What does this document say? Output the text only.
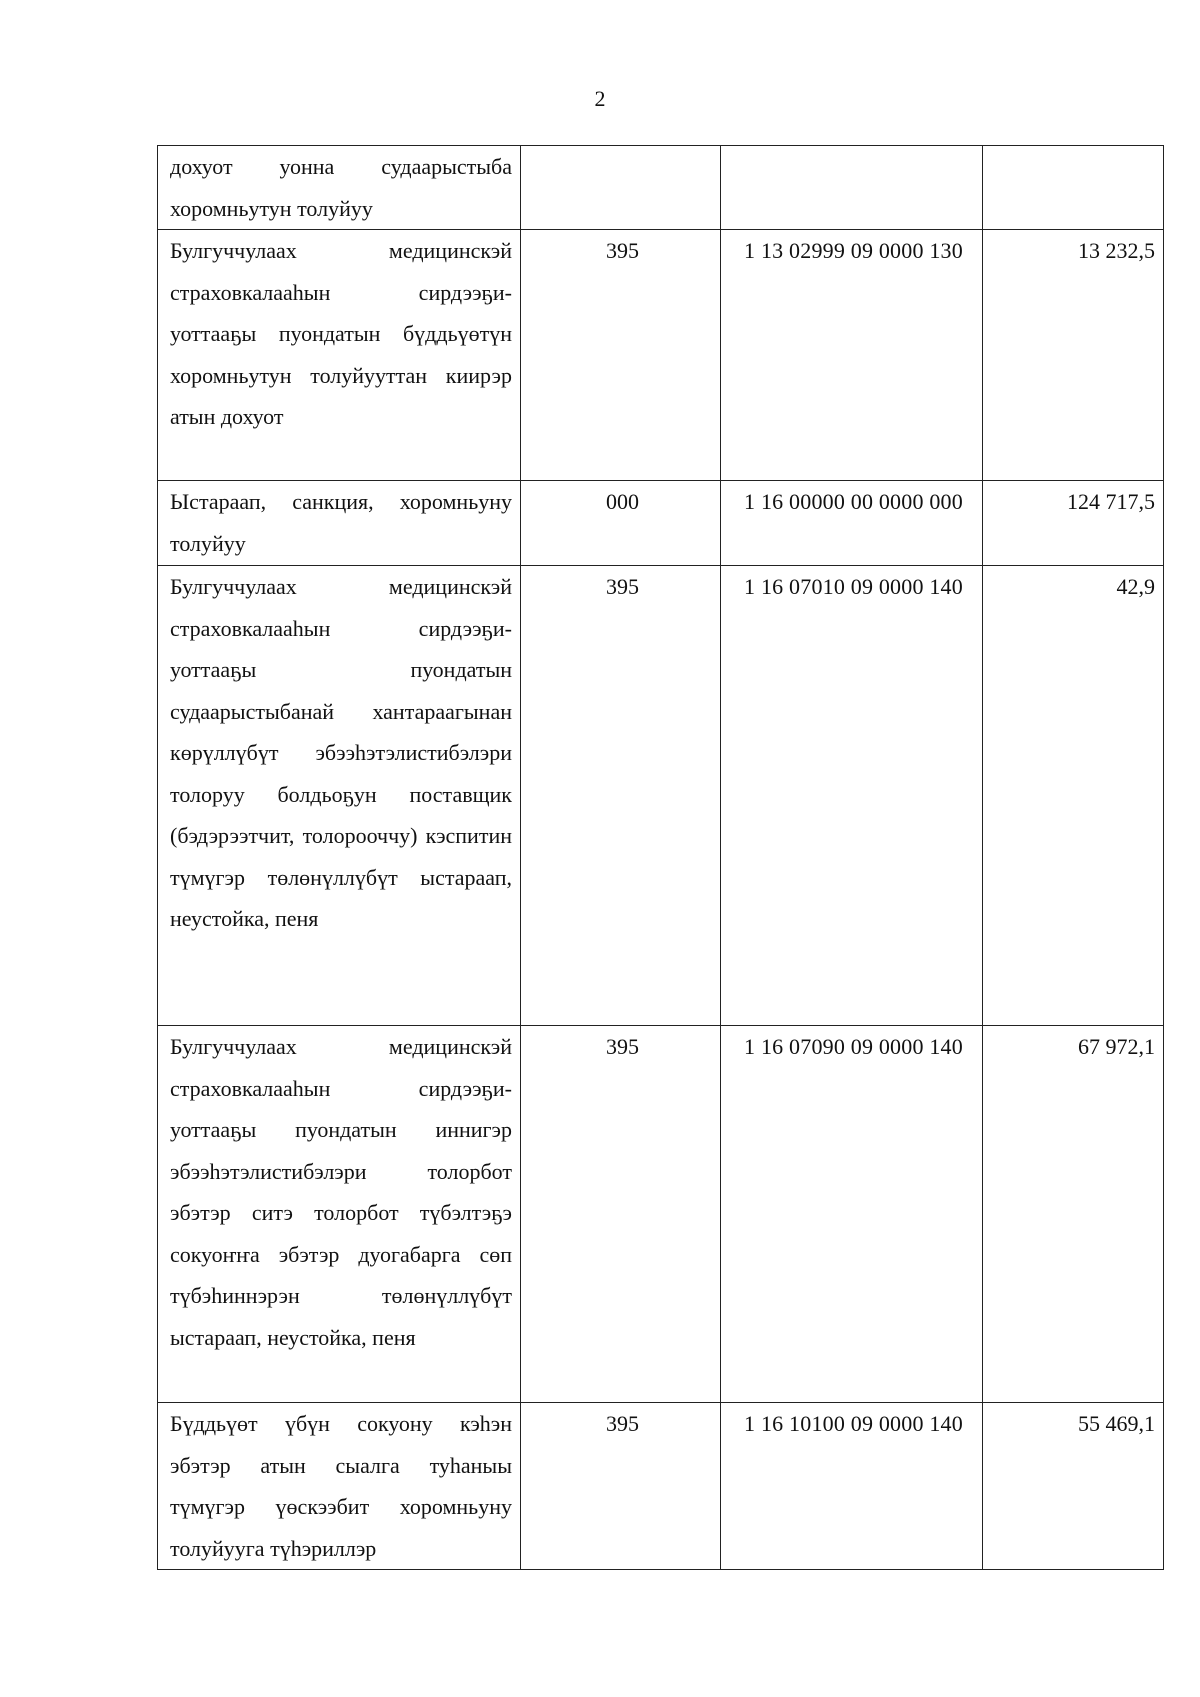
2
дохуот уонна судаарыстыба хоромньутун толуйуу			
Булгуччулаах медицинскэй страховкалааһын сирдээҕи-уоттааҕы пуондатын бүддьүөтүн хоромньутун толуйууттан киирэр атын дохуот	395	1 13 02999 09 0000 130	13 232,5
Ыстараап, санкция, хоромньуну толуйуу	000	1 16 00000 00 0000 000	124 717,5
Булгуччулаах медицинскэй страховкалааһын сирдээҕи-уоттааҕы пуондатын судаарыстыбанай хантараагынан көрүллүбүт эбээһэтэлистибэлэри толоруу болдьоҕун поставщик (бэдэрээтчит, толорооччу) кэспитин түмүгэр төлөнүллүбүт ыстараап, неустойка, пеня	395	1 16 07010 09 0000 140	42,9
Булгуччулаах медицинскэй страховкалааһын сирдээҕи-уоттааҕы пуондатын иннигэр эбээһэтэлистибэлэри толорбот эбэтэр ситэ толорбот түбэлтэҕэ сокуоҥҥа эбэтэр дуогабарга сөп түбэһиннэрэн төлөнүллүбүт ыстараап, неустойка, пеня	395	1 16 07090 09 0000 140	67 972,1
Бүддьүөт үбүн сокуону кэһэн эбэтэр атын сыалга туһаныы түмүгэр үөскээбит хоромньуну толуйууга түһэриллэр	395	1 16 10100 09 0000 140	55 469,1
